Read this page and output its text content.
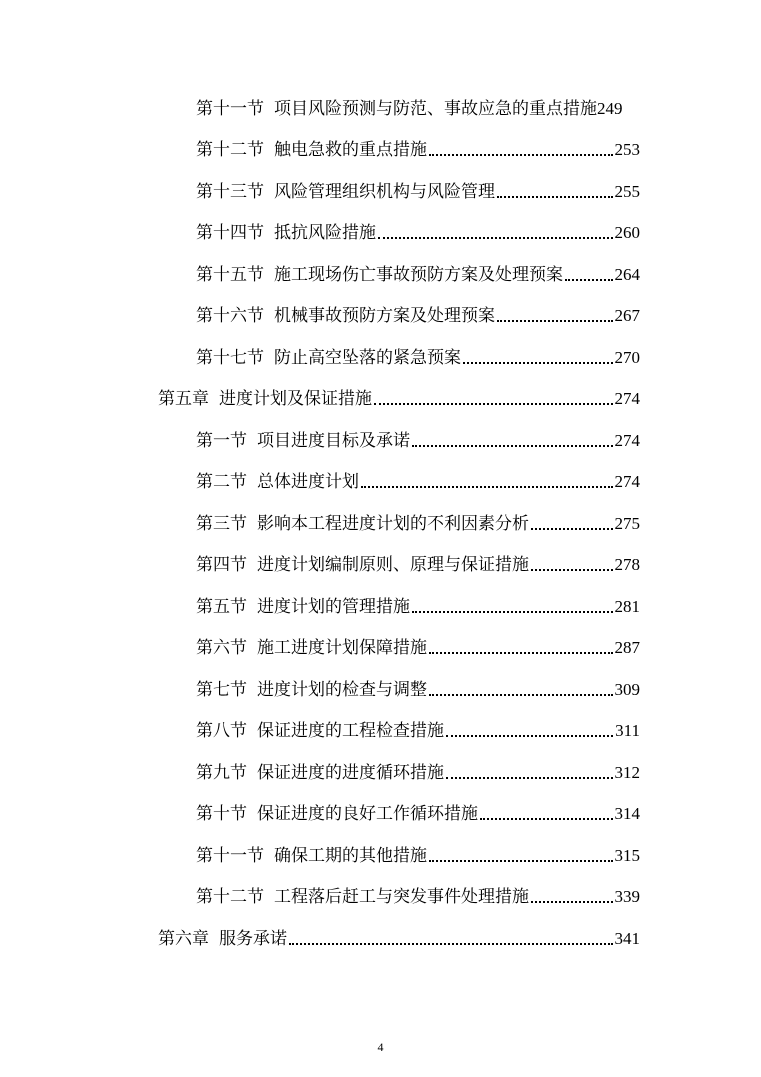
第十一节 项目风险预测与防范、事故应急的重点措施 249
第十二节 触电急救的重点措施	253
第十三节 风险管理组织机构与风险管理	255
第十四节 抵抗风险措施	260
第十五节 施工现场伤亡事故预防方案及处理预案	264
第十六节 机械事故预防方案及处理预案	267
第十七节 防止高空坠落的紧急预案	270
第五章 进度计划及保证措施	274
第一节 项目进度目标及承诺	274
第二节 总体进度计划	274
第三节 影响本工程进度计划的不利因素分析	275
第四节 进度计划编制原则、原理与保证措施	278
第五节 进度计划的管理措施	281
第六节 施工进度计划保障措施	287
第七节 进度计划的检查与调整	309
第八节 保证进度的工程检查措施	311
第九节 保证进度的进度循环措施	312
第十节 保证进度的良好工作循环措施	314
第十一节 确保工期的其他措施	315
第十二节 工程落后赶工与突发事件处理措施	339
第六章 服务承诺	341
4
